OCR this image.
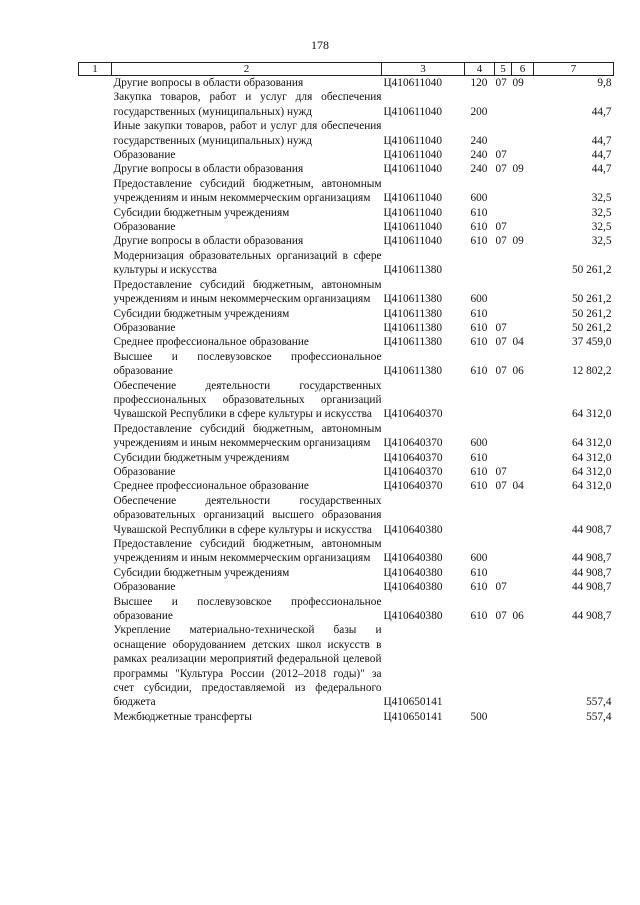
178
1	2	3	4	5	6	7
	Другие вопросы в области образования	Ц410611040	120	07	09	9,8
	Закупка товаров, работ и услуг для обеспечения государственных (муниципальных) нужд	Ц410611040	200			44,7
	Иные закупки товаров, работ и услуг для обеспечения государственных (муниципальных) нужд	Ц410611040	240			44,7
	Образование	Ц410611040	240	07		44,7
	Другие вопросы в области образования	Ц410611040	240	07	09	44,7
	Предоставление субсидий бюджетным, автономным учреждениям и иным некоммерческим организациям	Ц410611040	600			32,5
	Субсидии бюджетным учреждениям	Ц410611040	610			32,5
	Образование	Ц410611040	610	07		32,5
	Другие вопросы в области образования	Ц410611040	610	07	09	32,5
	Модернизация образовательных организаций в сфере культуры и искусства	Ц410611380				50 261,2
	Предоставление субсидий бюджетным, автономным учреждениям и иным некоммерческим организациям	Ц410611380	600			50 261,2
	Субсидии бюджетным учреждениям	Ц410611380	610			50 261,2
	Образование	Ц410611380	610	07		50 261,2
	Среднее профессиональное образование	Ц410611380	610	07	04	37 459,0
	Высшее и послевузовское профессиональное образование	Ц410611380	610	07	06	12 802,2
	Обеспечение деятельности государственных профессиональных образовательных организаций Чувашской Республики в сфере культуры и искусства	Ц410640370				64 312,0
	Предоставление субсидий бюджетным, автономным учреждениям и иным некоммерческим организациям	Ц410640370	600			64 312,0
	Субсидии бюджетным учреждениям	Ц410640370	610			64 312,0
	Образование	Ц410640370	610	07		64 312,0
	Среднее профессиональное образование	Ц410640370	610	07	04	64 312,0
	Обеспечение деятельности государственных образовательных организаций высшего образования Чувашской Республики в сфере культуры и искусства	Ц410640380				44 908,7
	Предоставление субсидий бюджетным, автономным учреждениям и иным некоммерческим организациям	Ц410640380	600			44 908,7
	Субсидии бюджетным учреждениям	Ц410640380	610			44 908,7
	Образование	Ц410640380	610	07		44 908,7
	Высшее и послевузовское профессиональное образование	Ц410640380	610	07	06	44 908,7
	Укрепление материально-технической базы и оснащение оборудованием детских школ искусств в рамках реализации мероприятий федеральной целевой программы "Культура России (2012–2018 годы)" за счет субсидии, предоставляемой из федерального бюджета	Ц410650141				557,4
	Межбюджетные трансферты	Ц410650141	500			557,4
